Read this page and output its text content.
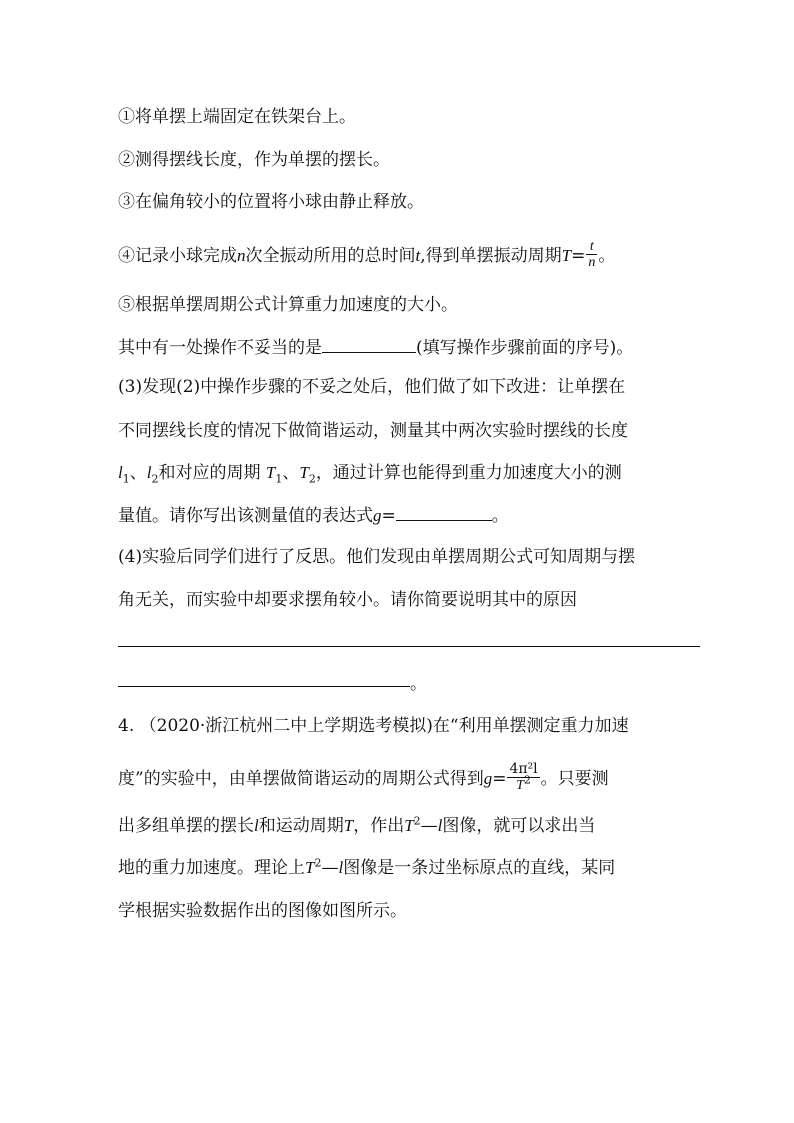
①将单摆上端固定在铁架台上。
②测得摆线长度，作为单摆的摆长。
③在偏角较小的位置将小球由静止释放。
④记录小球完成n次全振动所用的总时间t,得到单摆振动周期$T= \frac{t}{n}$ 。
⑤根据单摆周期公式计算重力加速度的大小。
其中有一处操作不妥当的是	(填写操作步骤前面的序号)。
(3)发现(2)中操作步骤的不妥之处后，他们做了如下改进：让单摆在
不同摆线长度的情况下做简谐运动，测量其中两次实验时摆线的长度
$l_1$、$l_2$和对应的周期 $T_1$、$T_2$，通过计算也能得到重力加速度大小的测
量值。请你写出该测量值的表达式g=	。
(4)实验后同学们进行了反思。他们发现由单摆周期公式可知周期与摆
角无关，而实验中却要求摆角较小。请你简要说明其中的原因
。
4. （2020·浙江杭州二中上学期选考模拟)在“利用单摆测定重力加速
度”的实验中，由单摆做简谐运动的周期公式得到$g= \frac{\text{4π²l}}{T^2}$ 。只要测
出多组单摆的摆长l和运动周期T，作出$T^2—l$图像，就可以求出当
地的重力加速度。理论上$T^2—l$图像是一条过坐标原点的直线，某同
学根据实验数据作出的图像如图所示。
